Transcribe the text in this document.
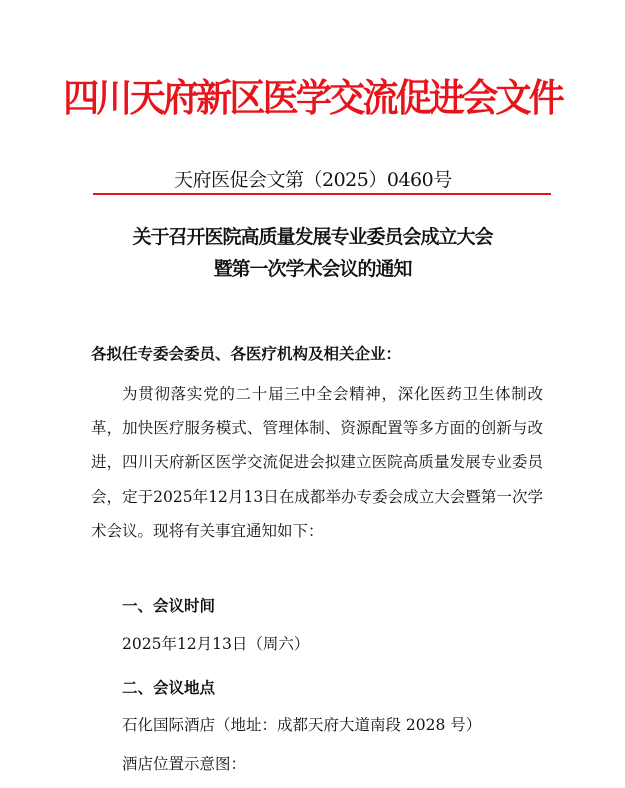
四川天府新区医学交流促进会文件
天府医促会文第（2025）0460号
关于召开医院高质量发展专业委员会成立大会
暨第一次学术会议的通知
各拟任专委会委员、各医疗机构及相关企业：
为贯彻落实党的二十届三中全会精神，深化医药卫生体制改革，加快医疗服务模式、管理体制、资源配置等多方面的创新与改进，四川天府新区医学交流促进会拟建立医院高质量发展专业委员会，定于2025年12月13日在成都举办专委会成立大会暨第一次学术会议。现将有关事宜通知如下：
一、会议时间
2025年12月13日（周六）
二、会议地点
石化国际酒店（地址：成都天府大道南段 2028 号）
酒店位置示意图：
